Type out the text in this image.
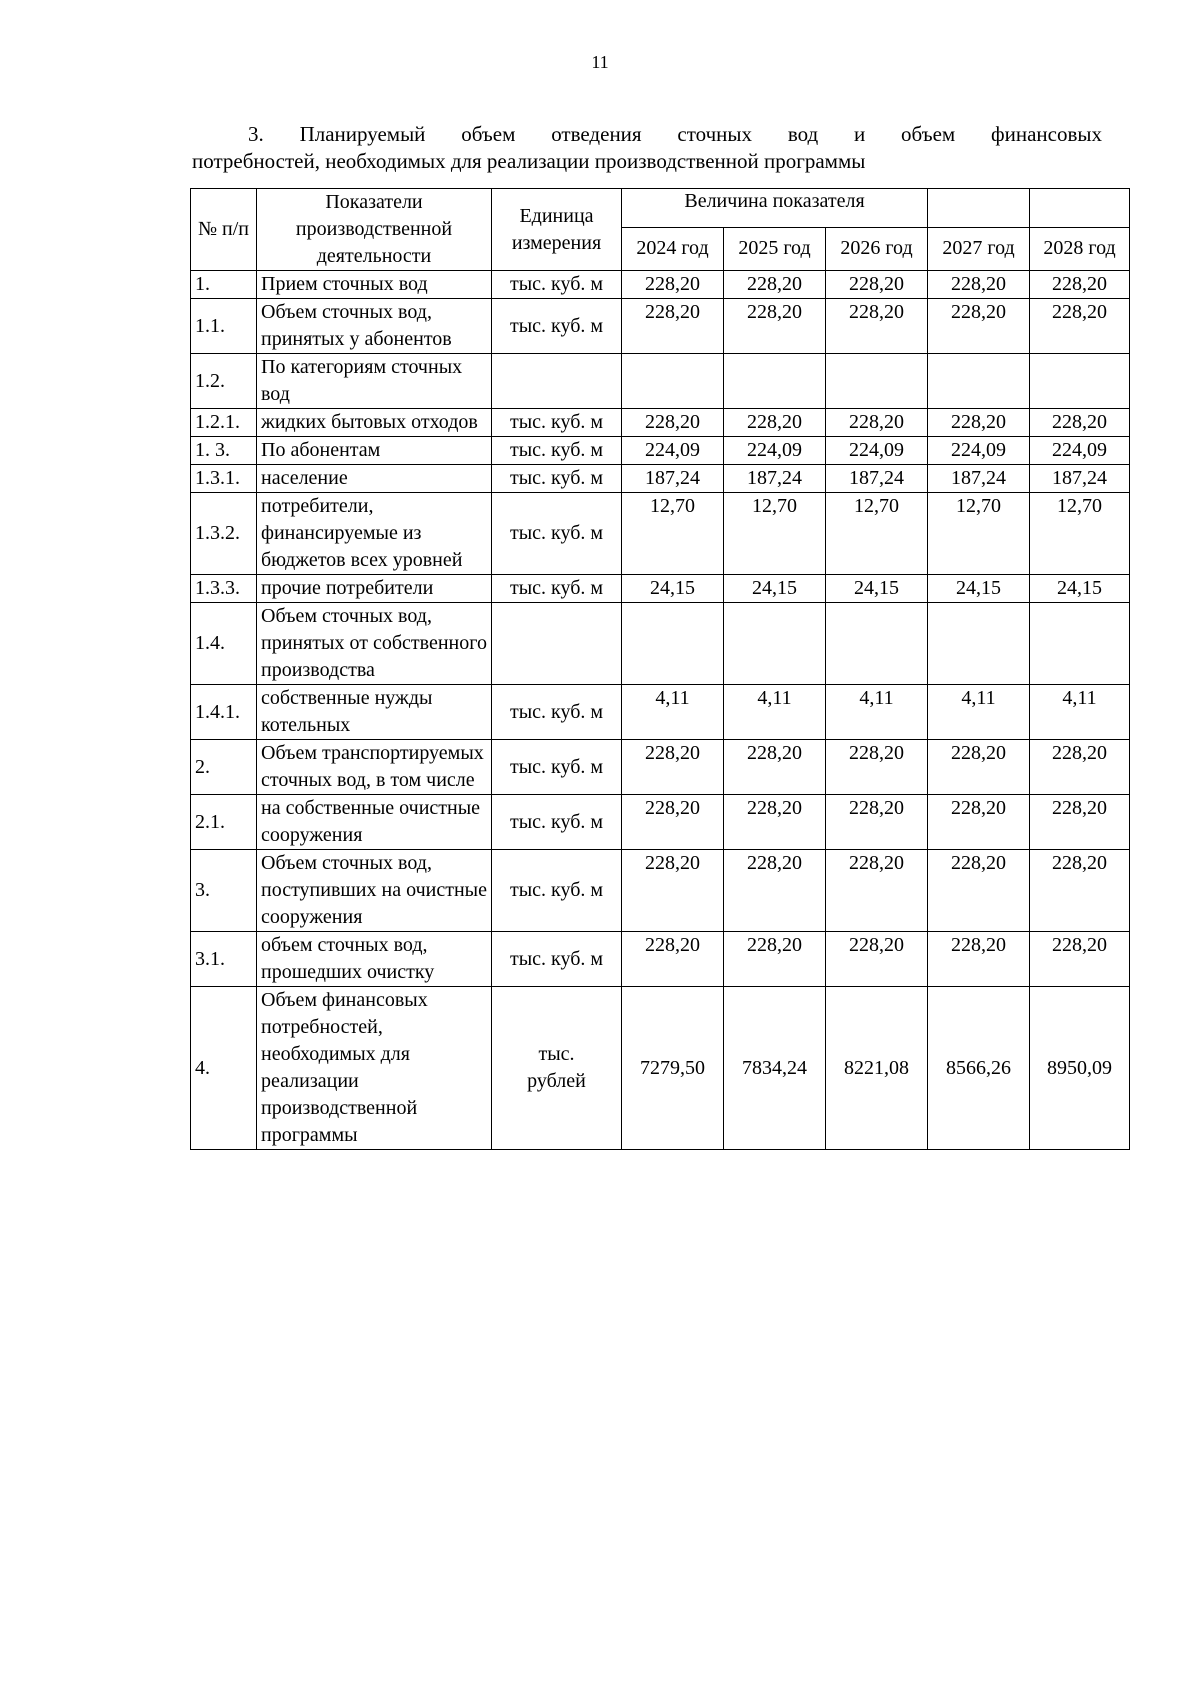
11
3. Планируемый объем отведения сточных вод и объем финансовых
потребностей, необходимых для реализации производственной программы
№ п/п	Показатели производственной деятельности	Единица измерения	Величина показателя				
			2024 год	2025 год	2026 год	2027 год	2028 год
1.	Прием сточных вод	тыс. куб. м	228,20	228,20	228,20	228,20	228,20
1.1.	Объем сточных вод, принятых у абонентов	тыс. куб. м	228,20	228,20	228,20	228,20	228,20
1.2.	По категориям сточных вод						
1.2.1.	жидких бытовых отходов	тыс. куб. м	228,20	228,20	228,20	228,20	228,20
1. 3.	По абонентам	тыс. куб. м	224,09	224,09	224,09	224,09	224,09
1.3.1.	население	тыс. куб. м	187,24	187,24	187,24	187,24	187,24
1.3.2.	потребители, финансируемые из бюджетов всех уровней	тыс. куб. м	12,70	12,70	12,70	12,70	12,70
1.3.3.	прочие потребители	тыс. куб. м	24,15	24,15	24,15	24,15	24,15
1.4.	Объем сточных вод, принятых от собственного производства						
1.4.1.	собственные нужды котельных	тыс. куб. м	4,11	4,11	4,11	4,11	4,11
2.	Объем транспортируемых сточных вод, в том числе	тыс. куб. м	228,20	228,20	228,20	228,20	228,20
2.1.	на собственные очистные сооружения	тыс. куб. м	228,20	228,20	228,20	228,20	228,20
3.	Объем сточных вод, поступивших на очистные сооружения	тыс. куб. м	228,20	228,20	228,20	228,20	228,20
3.1.	объем сточных вод, прошедших очистку	тыс. куб. м	228,20	228,20	228,20	228,20	228,20
4.	Объем финансовых потребностей, необходимых для реализации производственной программы	тыс. рублей	7279,50	7834,24	8221,08	8566,26	8950,09
